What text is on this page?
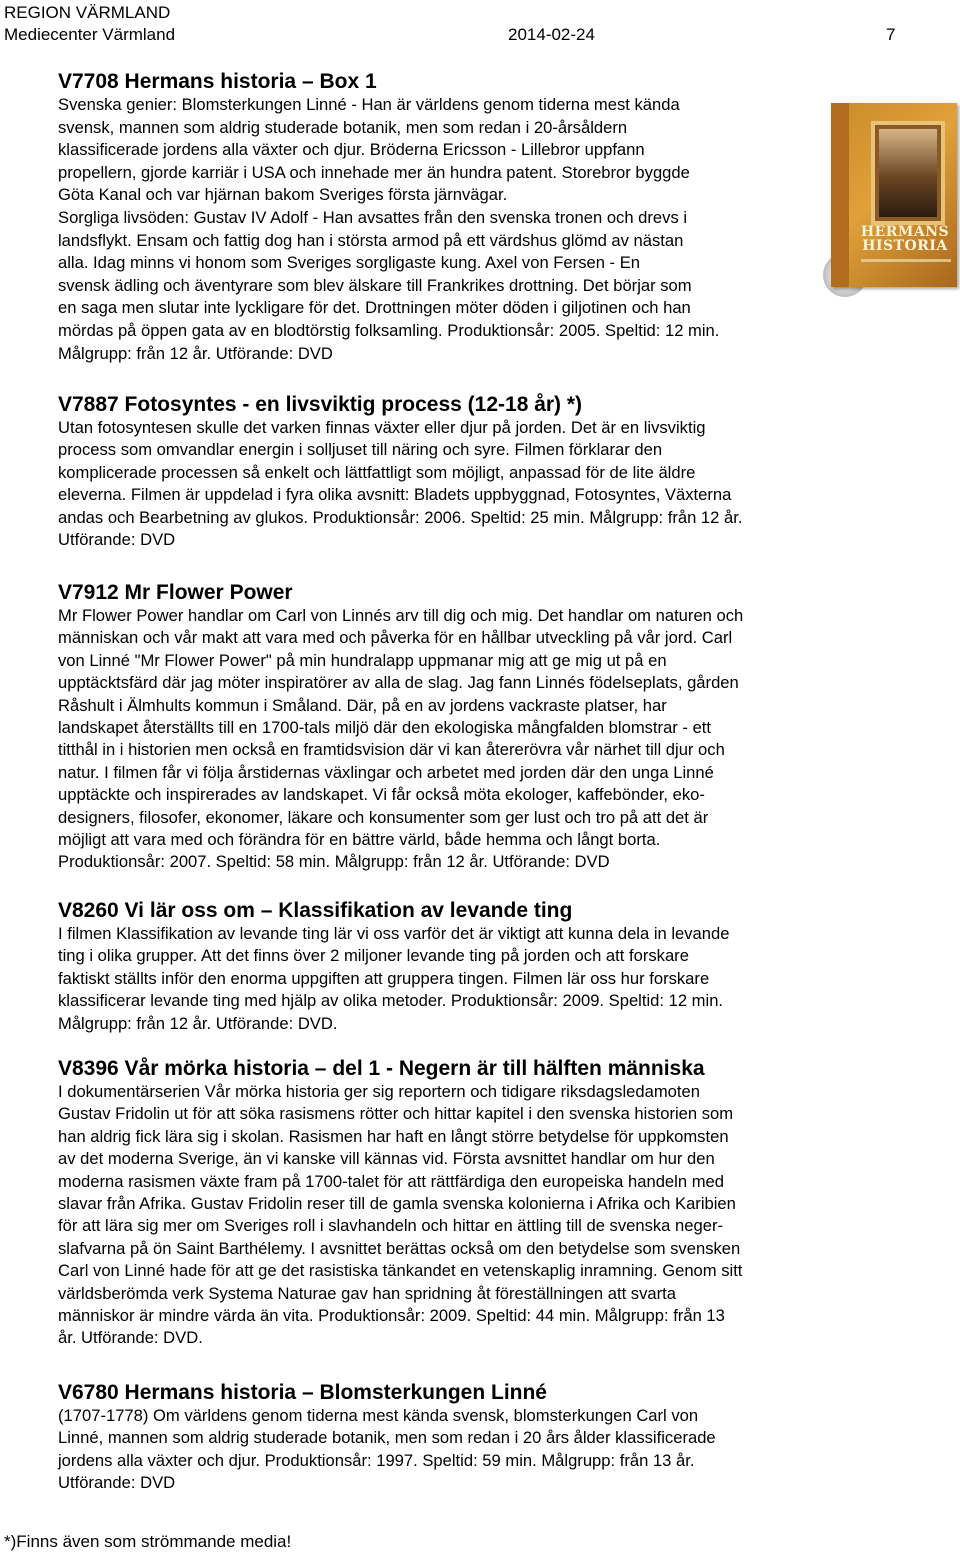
REGION VÄRMLAND
Mediecenter Värmland	2014-02-24	7
HERMANS
HISTORIA
V7708 Hermans historia – Box 1

Svenska genier: Blomsterkungen Linné - Han är världens genom tiderna mest kända
svensk, mannen som aldrig studerade botanik, men som redan i 20-årsåldern
klassificerade jordens alla växter och djur. Bröderna Ericsson - Lillebror uppfann
propellern, gjorde karriär i USA och innehade mer än hundra patent. Storebror byggde
Göta Kanal och var hjärnan bakom Sveriges första järnvägar.
Sorgliga livsöden: Gustav IV Adolf - Han avsattes från den svenska tronen och drevs i
landsflykt. Ensam och fattig dog han i största armod på ett värdshus glömd av nästan
alla. Idag minns vi honom som Sveriges sorgligaste kung. Axel von Fersen - En
svensk ädling och äventyrare som blev älskare till Frankrikes drottning. Det börjar som
en saga men slutar inte lyckligare för det. Drottningen möter döden i giljotinen och han
mördas på öppen gata av en blodtörstig folksamling. Produktionsår: 2005. Speltid: 12 min.
Målgrupp: från 12 år. Utförande: DVD

V7887 Fotosyntes - en livsviktig process (12-18 år) *)

Utan fotosyntesen skulle det varken finnas växter eller djur på jorden. Det är en livsviktig
process som omvandlar energin i solljuset till näring och syre. Filmen förklarar den
komplicerade processen så enkelt och lättfattligt som möjligt, anpassad för de lite äldre
eleverna. Filmen är uppdelad i fyra olika avsnitt: Bladets uppbyggnad, Fotosyntes, Växterna
andas och Bearbetning av glukos. Produktionsår: 2006. Speltid: 25 min. Målgrupp: från 12 år.
Utförande: DVD

V7912 Mr Flower Power

Mr Flower Power handlar om Carl von Linnés arv till dig och mig. Det handlar om naturen och
människan och vår makt att vara med och påverka för en hållbar utveckling på vår jord. Carl
von Linné "Mr Flower Power" på min hundralapp uppmanar mig att ge mig ut på en
upptäcktsfärd där jag möter inspiratörer av alla de slag. Jag fann Linnés födelseplats, gården
Råshult i Älmhults kommun i Småland. Där, på en av jordens vackraste platser, har
landskapet återställts till en 1700-tals miljö där den ekologiska mångfalden blomstrar - ett
titthål in i historien men också en framtidsvision där vi kan återerövra vår närhet till djur och
natur. I filmen får vi följa årstidernas växlingar och arbetet med jorden där den unga Linné
upptäckte och inspirerades av landskapet. Vi får också möta ekologer, kaffebönder, eko-
designers, filosofer, ekonomer, läkare och konsumenter som ger lust och tro på att det är
möjligt att vara med och förändra för en bättre värld, både hemma och långt borta.
Produktionsår: 2007. Speltid: 58 min. Målgrupp: från 12 år. Utförande: DVD

V8260 Vi lär oss om – Klassifikation av levande ting

I filmen Klassifikation av levande ting lär vi oss varför det är viktigt att kunna dela in levande
ting i olika grupper. Att det finns över 2 miljoner levande ting på jorden och att forskare
faktiskt ställts inför den enorma uppgiften att gruppera tingen. Filmen lär oss hur forskare
klassificerar levande ting med hjälp av olika metoder. Produktionsår: 2009. Speltid: 12 min.
Målgrupp: från 12 år. Utförande: DVD.

V8396 Vår mörka historia – del 1 - Negern är till hälften människa

I dokumentärserien Vår mörka historia ger sig reportern och tidigare riksdagsledamoten
Gustav Fridolin ut för att söka rasismens rötter och hittar kapitel i den svenska historien som
han aldrig fick lära sig i skolan. Rasismen har haft en långt större betydelse för uppkomsten
av det moderna Sverige, än vi kanske vill kännas vid. Första avsnittet handlar om hur den
moderna rasismen växte fram på 1700-talet för att rättfärdiga den europeiska handeln med
slavar från Afrika. Gustav Fridolin reser till de gamla svenska kolonierna i Afrika och Karibien
för att lära sig mer om Sveriges roll i slavhandeln och hittar en ättling till de svenska neger-
slafvarna på ön Saint Barthélemy. I avsnittet berättas också om den betydelse som svensken
Carl von Linné hade för att ge det rasistiska tänkandet en vetenskaplig inramning. Genom sitt
världsberömda verk Systema Naturae gav han spridning åt föreställningen att svarta
människor är mindre värda än vita. Produktionsår: 2009. Speltid: 44 min. Målgrupp: från 13
år. Utförande: DVD.

V6780 Hermans historia – Blomsterkungen Linné

(1707-1778) Om världens genom tiderna mest kända svensk, blomsterkungen Carl von
Linné, mannen som aldrig studerade botanik, men som redan i 20 års ålder klassificerade
jordens alla växter och djur. Produktionsår: 1997. Speltid: 59 min. Målgrupp: från 13 år.
Utförande: DVD

*)Finns även som strömmande media!
